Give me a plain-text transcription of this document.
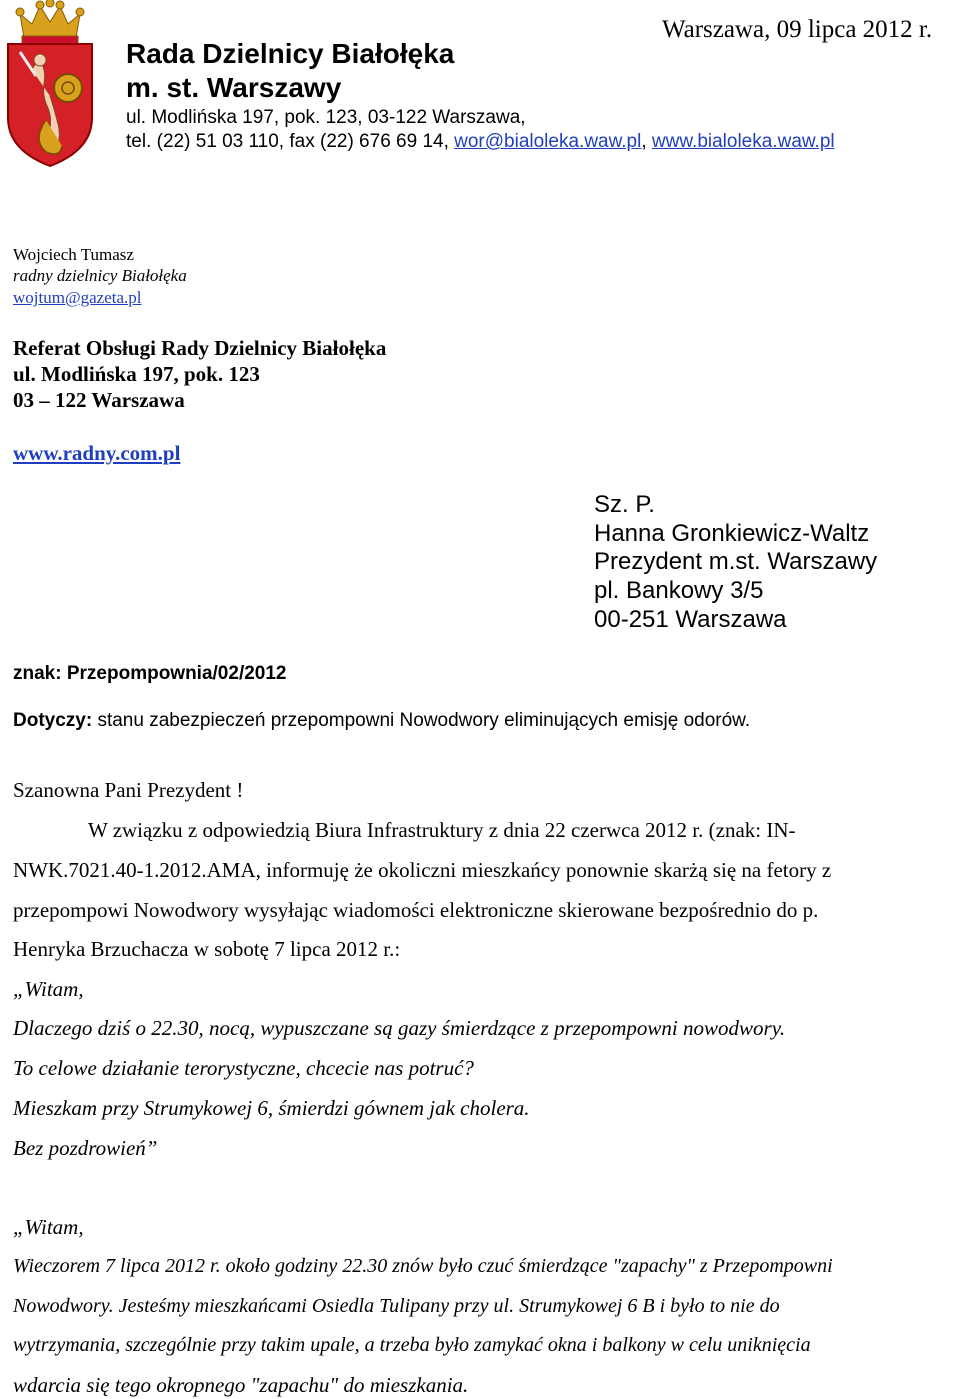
Rada Dzielnicy Białołęka
m. st. Warszawy
ul. Modlińska 197, pok. 123, 03-122 Warszawa,
tel. (22) 51 03 110, fax (22) 676 69 14, wor@bialoleka.waw.pl, www.bialoleka.waw.pl
Wojciech Tumasz
radny dzielnicy Białołęka
wojtum@gazeta.pl
Warszawa, 09 lipca 2012 r.
Referat Obsługi Rady Dzielnicy Białołęka
ul. Modlińska 197, pok. 123
03 – 122 Warszawa
www.radny.com.pl
Sz. P.
Hanna Gronkiewicz-Waltz
Prezydent m.st. Warszawy
pl. Bankowy 3/5
00-251 Warszawa
znak: Przepompownia/02/2012
Dotyczy: stanu zabezpieczeń przepompowni Nowodwory eliminujących emisję odorów.
Szanowna Pani Prezydent !
W związku z odpowiedzią Biura Infrastruktury z dnia 22 czerwca 2012 r. (znak: IN-
NWK.7021.40-1.2012.AMA, informuję że okoliczni mieszkańcy ponownie skarżą się na fetory z
przepompowi Nowodwory wysyłając wiadomości elektroniczne skierowane bezpośrednio do p.
Henryka Brzuchacza w sobotę 7 lipca 2012 r.:
„Witam,
Dlaczego dziś o 22.30, nocą, wypuszczane są gazy śmierdzące z przepompowni nowodwory.
To celowe działanie terorystyczne, chcecie nas potruć?
Mieszkam przy Strumykowej 6, śmierdzi gównem jak cholera.
Bez pozdrowień”
„Witam,
Wieczorem 7 lipca 2012 r. około godziny 22.30 znów było czuć śmierdzące "zapachy" z Przepompowni
Nowodwory. Jesteśmy mieszkańcami Osiedla Tulipany przy ul. Strumykowej 6 B i było to nie do
wytrzymania, szczególnie przy takim upale, a trzeba było zamykać okna i balkony w celu uniknięcia
wdarcia się tego okropnego "zapachu" do mieszkania.
